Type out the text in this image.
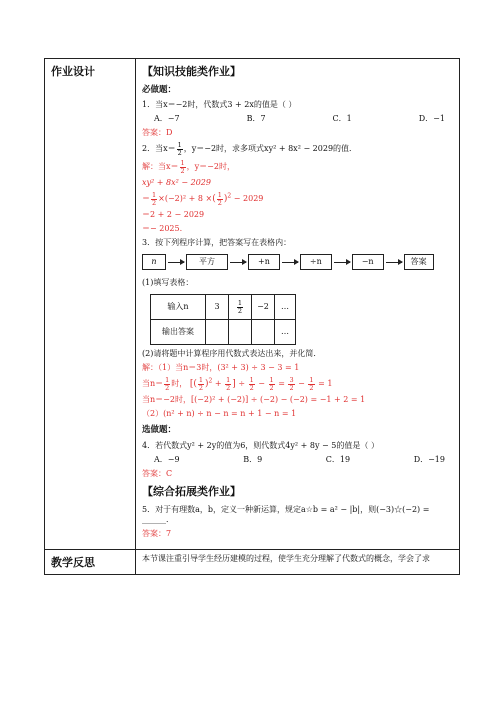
作业设计	【知识技能类作业】
必做题：
1．当x＝−2时，代数式3 + 2x的值是（ ）
A．−7	B．7	C．1	D．−1
答案：D
2．当$x= \frac{1}{2}$ ，y＝−2时，求多项式xy² + 8x² − 2029的值．
解：当$x= \frac{1}{2}$ ，y＝−2时，
xy² + 8x² − 2029
＝ $\frac{1}{2} \times(-2)^2 + 8$ ×( $\frac{1}{2} )^2 - 2029$
＝2 + 2 − 2029
＝− 2025.
3．按下列程序计算，把答案写在表格内：
n	平方	+n	÷n	−n	答案
(1)填写表格：
输入n	3	$\frac{1}{2}$	−2	…
输出答案				…
(2)请将题中计算程序用代数式表达出来，并化简．
解：（1）当n＝3时，(3² + 3) ÷ 3 − 3 = 1
当$n= \frac{1}{2}$ 时， [( $\frac{1}{2} )^2 + \frac{1}{2}$ ] ÷ $\frac{1}{2} - \frac{1}{2} = \frac{3}{2} - \frac{1}{2} = 1$
当n＝−2时，[(−2)² + (−2)] ÷ (−2) − (−2) = −1 + 2 = 1
（2）(n² + n) ÷ n − n = n + 1 − n = 1
选做题：
4．若代数式y² + 2y的值为6，则代数式4y² + 8y − 5的值是（ ）
A．−9	B．9	C．19	D．−19
答案：C
【综合拓展类作业】
5．对于有理数a，b，定义一种新运算，规定a☆b = a² − |b|，则(−3)☆(−2) = ______．
答案：7

教学反思	本节课注重引导学生经历建模的过程，使学生充分理解了代数式的概念，学会了求
